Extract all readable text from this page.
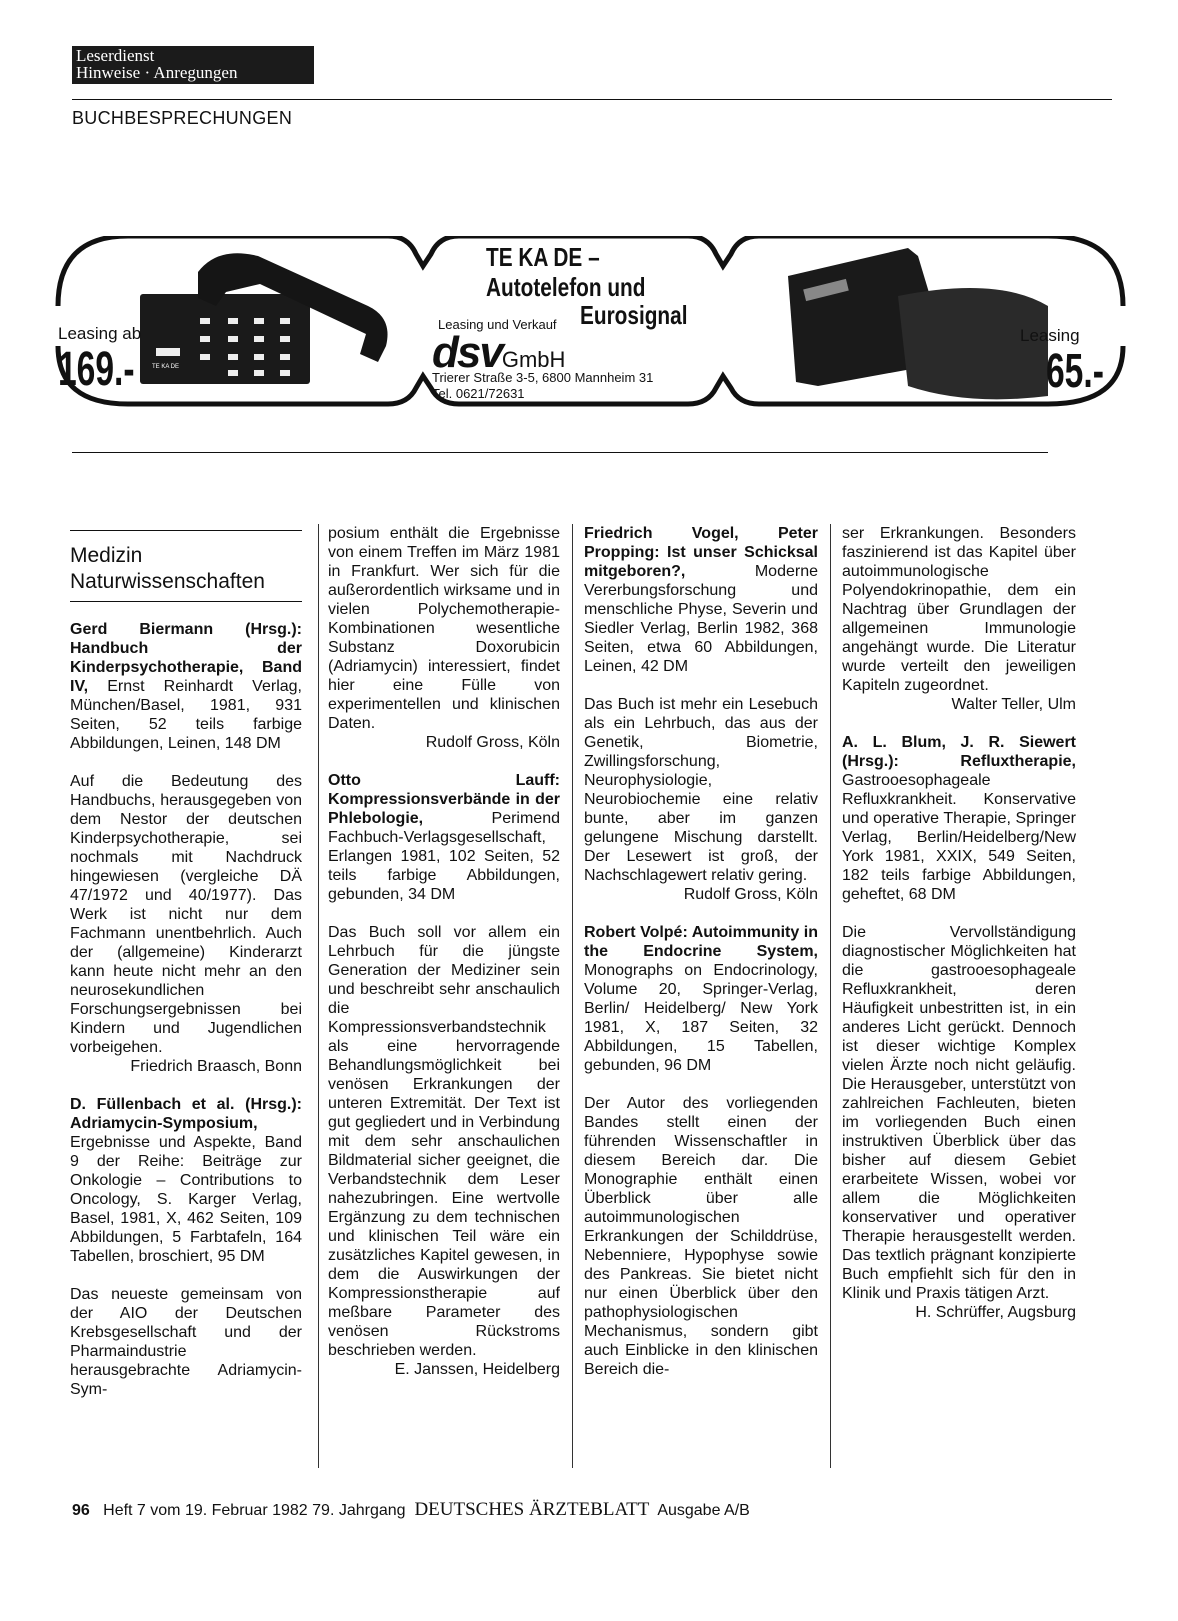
Leserdienst
Hinweise · Anregungen
BUCHBESPRECHUNGEN
TE KA DE –
Autotelefon und
Leasing und Verkauf Eurosignal
dsvGmbH
Trierer Straße 3-5, 6800 Mannheim 31
Tel. 0621/72631
Leasing ab
169.-
Leasing
65.-
TE KA DE
Medizin
Naturwissenschaften

Gerd Biermann (Hrsg.): Handbuch der Kinderpsychotherapie, Band IV, Ernst Reinhardt Verlag, München/Basel, 1981, 931 Seiten, 52 teils farbige Abbildungen, Leinen, 148 DM

Auf die Bedeutung des Handbuchs, herausgegeben von dem Nestor der deutschen Kinderpsychotherapie, sei nochmals mit Nachdruck hingewiesen (vergleiche DÄ 47/1972 und 40/1977). Das Werk ist nicht nur dem Fachmann unentbehrlich. Auch der (allgemeine) Kinderarzt kann heute nicht mehr an den neurosekundlichen Forschungsergebnissen bei Kindern und Jugendlichen vorbeigehen.

Friedrich Braasch, Bonn

D. Füllenbach et al. (Hrsg.): Adriamycin-Symposium, Ergebnisse und Aspekte, Band 9 der Reihe: Beiträge zur Onkologie – Contributions to Oncology, S. Karger Verlag, Basel, 1981, X, 462 Seiten, 109 Abbildungen, 5 Farbtafeln, 164 Tabellen, broschiert, 95 DM

Das neueste gemeinsam von der AIO der Deutschen Krebsgesellschaft und der Pharmaindustrie herausgebrachte Adriamycin-Sym-

posium enthält die Ergebnisse von einem Treffen im März 1981 in Frankfurt. Wer sich für die außerordentlich wirksame und in vielen Polychemotherapie-Kombinationen wesentliche Substanz Doxorubicin (Adriamycin) interessiert, findet hier eine Fülle von experimentellen und klinischen Daten.

Rudolf Gross, Köln

Otto Lauff: Kompressionsverbände in der Phlebologie,	Perimend Fachbuch-Verlagsgesellschaft, Erlangen 1981, 102 Seiten, 52 teils farbige Abbildungen, gebunden, 34 DM

Das Buch soll vor allem ein Lehrbuch für die jüngste Generation der Mediziner sein und beschreibt sehr anschaulich die Kompressionsverbandstechnik als eine hervorragende Behandlungsmöglichkeit bei venösen Erkrankungen der unteren Extremität. Der Text ist gut gegliedert und in Verbindung mit dem sehr anschaulichen Bildmaterial sicher geeignet, die Verbandstechnik dem Leser nahezubringen. Eine wertvolle Ergänzung zu dem technischen und klinischen Teil wäre ein zusätzliches Kapitel gewesen, in dem die Auswirkungen der Kompressionstherapie auf meßbare Parameter des venösen Rückstroms beschrieben werden.

E. Janssen, Heidelberg

Friedrich Vogel, Peter Propping: Ist unser Schicksal mitgeboren?,	Moderne Vererbungsforschung und menschliche Physe, Severin und Siedler Verlag, Berlin 1982, 368 Seiten, etwa 60 Abbildungen, Leinen, 42 DM

Das Buch ist mehr ein Lesebuch als ein Lehrbuch, das aus der Genetik, Biometrie, Zwillingsforschung, Neurophysiologie, Neurobiochemie eine relativ bunte, aber im ganzen gelungene Mischung darstellt. Der Lesewert ist groß, der Nachschlagewert relativ gering.

Rudolf Gross, Köln

Robert Volpé: Autoimmunity in the Endocrine System, Monographs on Endocrinology, Volume 20, Springer-Verlag, Berlin/ Heidelberg/ New York 1981, X, 187 Seiten, 32 Abbildungen, 15 Tabellen, gebunden, 96 DM

Der Autor des vorliegenden Bandes stellt einen der führenden Wissenschaftler in diesem Bereich dar. Die Monographie enthält einen Überblick über alle autoimmunologischen Erkrankungen der Schilddrüse, Nebenniere, Hypophyse sowie des Pankreas. Sie bietet nicht nur einen Überblick über den pathophysiologischen Mechanismus, sondern gibt auch Einblicke in den klinischen Bereich die-

ser Erkrankungen. Besonders faszinierend ist das Kapitel über autoimmunologische Polyendokrinopathie, dem ein Nachtrag über Grundlagen der allgemeinen Immunologie angehängt wurde. Die Literatur wurde verteilt den jeweiligen Kapiteln zugeordnet.

Walter Teller, Ulm

A. L. Blum, J. R. Siewert (Hrsg.): Refluxtherapie, Gastrooesophageale Refluxkrankheit. Konservative und operative Therapie, Springer Verlag, Berlin/Heidelberg/New York 1981, XXIX, 549 Seiten, 182 teils farbige Abbildungen, geheftet, 68 DM

Die Vervollständigung diagnostischer Möglichkeiten hat die gastrooesophageale Refluxkrankheit, deren Häufigkeit unbestritten ist, in ein anderes Licht gerückt. Dennoch ist dieser wichtige Komplex vielen Ärzte noch nicht geläufig. Die Herausgeber, unterstützt von zahlreichen Fachleuten, bieten im vorliegenden Buch einen instruktiven Überblick über das bisher auf diesem Gebiet erarbeitete Wissen, wobei vor allem die Möglichkeiten konservativer und operativer Therapie herausgestellt werden. Das textlich prägnant konzipierte Buch empfiehlt sich für den in Klinik und Praxis tätigen Arzt.

H. Schrüffer, Augsburg

96 Heft 7 vom 19. Februar 1982 79. Jahrgang DEUTSCHES ÄRZTEBLATT Ausgabe A/B
